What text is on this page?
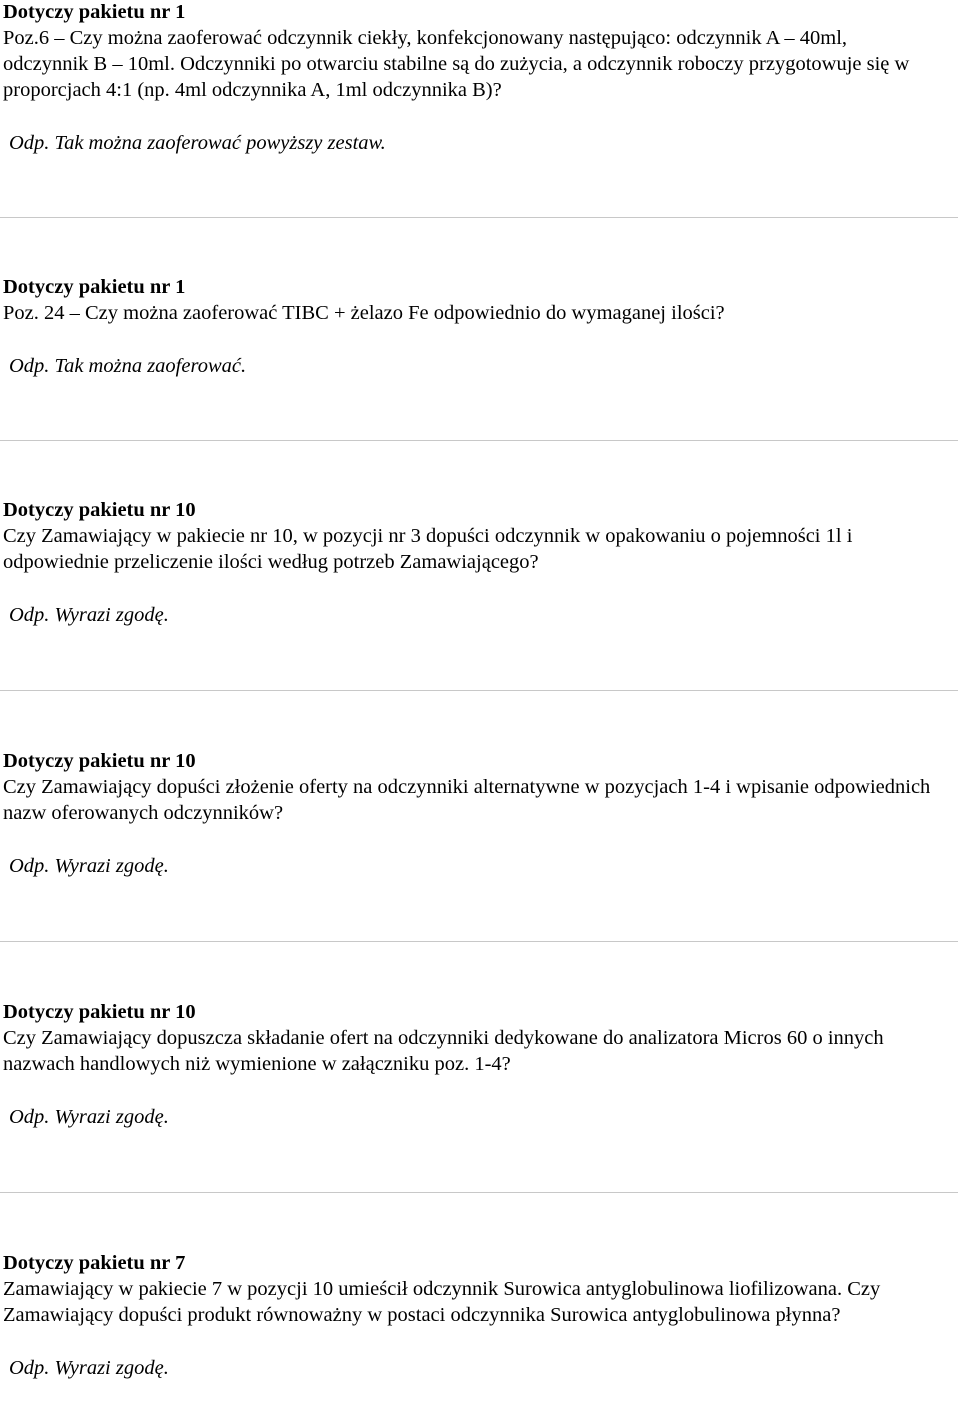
Dotyczy pakietu nr 1

Poz.6 – Czy można zaoferować odczynnik ciekły, konfekcjonowany następująco: odczynnik A – 40ml, odczynnik B – 10ml. Odczynniki po otwarciu stabilne są do zużycia, a odczynnik roboczy przygotowuje się w proporcjach 4:1 (np. 4ml odczynnika A, 1ml odczynnika B)?

Odp. Tak można zaoferować powyższy zestaw.

Dotyczy pakietu nr 1

Poz. 24 – Czy można zaoferować TIBC + żelazo Fe odpowiednio do wymaganej ilości?

Odp. Tak można zaoferować.

Dotyczy pakietu nr 10

Czy Zamawiający w pakiecie nr 10, w pozycji nr 3 dopuści odczynnik w opakowaniu o pojemności 1l i odpowiednie przeliczenie ilości według potrzeb Zamawiającego?

Odp. Wyrazi zgodę.

Dotyczy pakietu nr 10

Czy Zamawiający dopuści złożenie oferty na odczynniki alternatywne w pozycjach 1-4 i wpisanie odpowiednich nazw oferowanych odczynników?

Odp. Wyrazi zgodę.

Dotyczy pakietu nr 10

Czy Zamawiający dopuszcza składanie ofert na odczynniki dedykowane do analizatora Micros 60 o innych nazwach handlowych niż wymienione w załączniku poz. 1-4?

Odp. Wyrazi zgodę.

Dotyczy pakietu nr 7

Zamawiający w pakiecie 7 w pozycji 10 umieścił odczynnik Surowica antyglobulinowa liofilizowana. Czy Zamawiający dopuści produkt równoważny w postaci odczynnika Surowica antyglobulinowa płynna?

Odp. Wyrazi zgodę.
